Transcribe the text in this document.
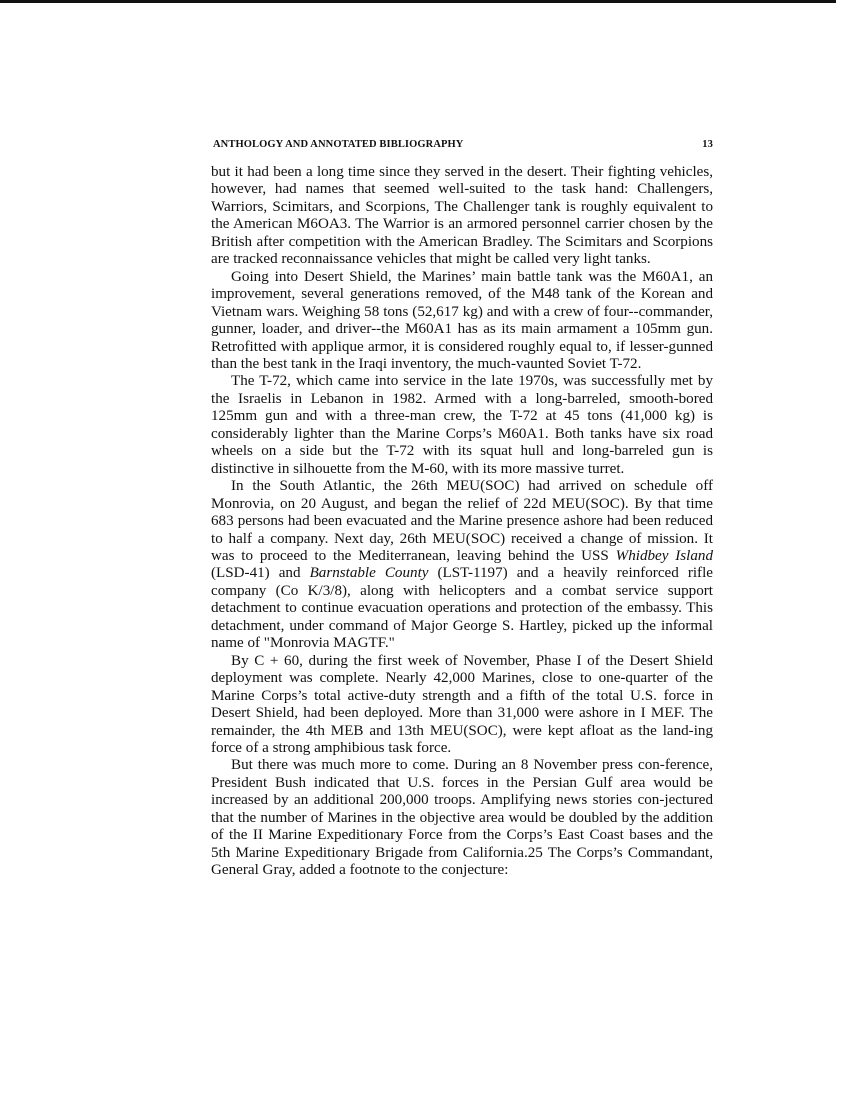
ANTHOLOGY AND ANNOTATED BIBLIOGRAPHY	13

but it had been a long time since they served in the desert. Their fighting vehicles, however, had names that seemed well-suited to the task hand: Challengers, Warriors, Scimitars, and Scorpions, The Challenger tank is roughly equivalent to the American M6OA3. The Warrior is an armored personnel carrier chosen by the British after competition with the American Bradley. The Scimitars and Scorpions are tracked reconnaissance vehicles that might be called very light tanks.

Going into Desert Shield, the Marines’ main battle tank was the M60A1, an improvement, several generations removed, of the M48 tank of the Korean and Vietnam wars. Weighing 58 tons (52,617 kg) and with a crew of four--commander, gunner, loader, and driver--the M60A1 has as its main armament a 105mm gun. Retrofitted with applique armor, it is considered roughly equal to, if lesser-gunned than the best tank in the Iraqi inventory, the much-vaunted Soviet T-72.

The T-72, which came into service in the late 1970s, was successfully met by the Israelis in Lebanon in 1982. Armed with a long-barreled, smooth-bored 125mm gun and with a three-man crew, the T-72 at 45 tons (41,000 kg) is considerably lighter than the Marine Corps’s M60A1. Both tanks have six road wheels on a side but the T-72 with its squat hull and long-barreled gun is distinctive in silhouette from the M-60, with its more massive turret.

In the South Atlantic, the 26th MEU(SOC) had arrived on schedule off Monrovia, on 20 August, and began the relief of 22d MEU(SOC). By that time 683 persons had been evacuated and the Marine presence ashore had been reduced to half a company. Next day, 26th MEU(SOC) received a change of mission. It was to proceed to the Mediterranean, leaving behind the USS Whidbey Island (LSD-41) and Barnstable County (LST-1197) and a heavily reinforced rifle company (Co K/3/8), along with helicopters and a combat service support detachment to continue evacuation operations and protection of the embassy. This detachment, under command of Major George S. Hartley, picked up the informal name of "Monrovia MAGTF."

By C + 60, during the first week of November, Phase I of the Desert Shield deployment was complete. Nearly 42,000 Marines, close to one-quarter of the Marine Corps’s total active-duty strength and a fifth of the total U.S. force in Desert Shield, had been deployed. More than 31,000 were ashore in I MEF. The remainder, the 4th MEB and 13th MEU(SOC), were kept afloat as the land-ing force of a strong amphibious task force.

But there was much more to come. During an 8 November press con-ference, President Bush indicated that U.S. forces in the Persian Gulf area would be increased by an additional 200,000 troops. Amplifying news stories con-jectured that the number of Marines in the objective area would be doubled by the addition of the II Marine Expeditionary Force from the Corps’s East Coast bases and the 5th Marine Expeditionary Brigade from California.25 The Corps’s Commandant, General Gray, added a footnote to the conjecture:
